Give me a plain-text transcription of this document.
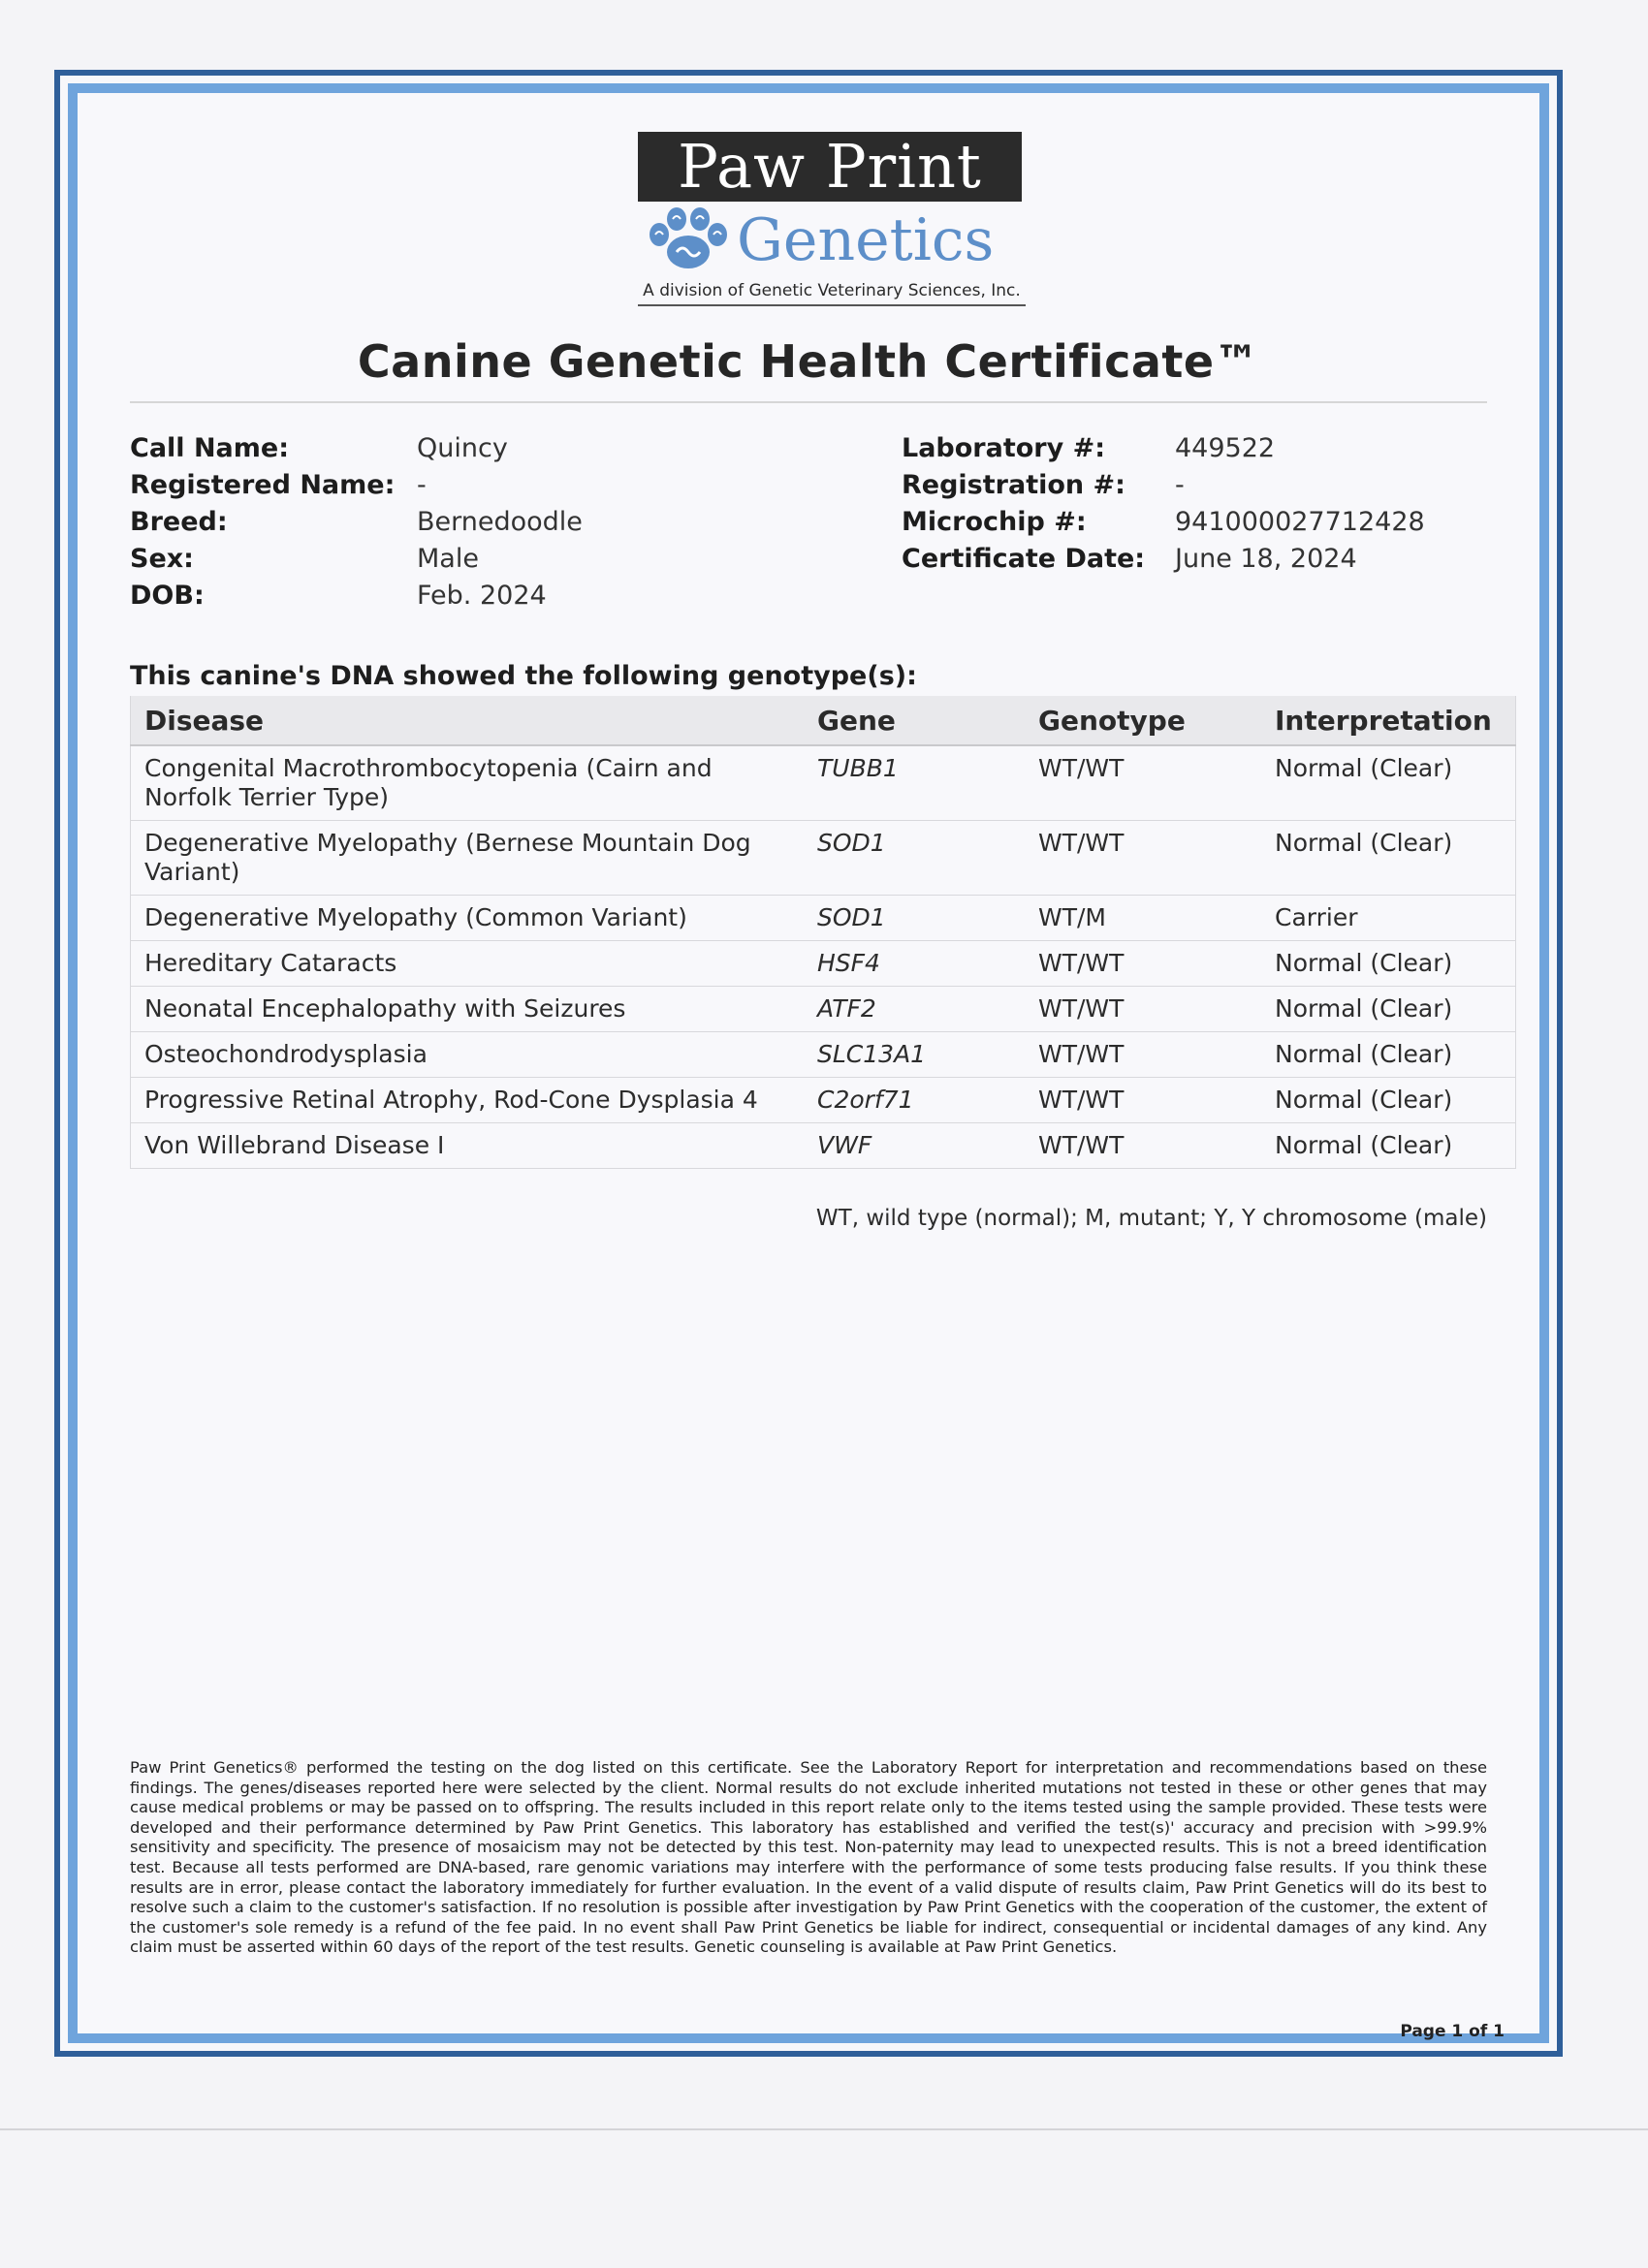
Paw Print
Genetics
A division of Genetic Veterinary Sciences, Inc.
Canine Genetic Health Certificate™
Call Name:	Quincy
Registered Name: -
Breed:	Bernedoodle
Sex:	Male
DOB:	Feb. 2024
Laboratory #:	449522
Registration #: -
Microchip #:	941000027712428
Certificate Date: June 18, 2024
This canine's DNA showed the following genotype(s):
Disease	Gene	Genotype	Interpretation
Congenital Macrothrombocytopenia (Cairn and Norfolk Terrier Type)	TUBB1	WT/WT	Normal (Clear)
Degenerative Myelopathy (Bernese Mountain Dog Variant)	SOD1	WT/WT	Normal (Clear)
Degenerative Myelopathy (Common Variant)	SOD1	WT/M	Carrier
Hereditary Cataracts	HSF4	WT/WT	Normal (Clear)
Neonatal Encephalopathy with Seizures	ATF2	WT/WT	Normal (Clear)
Osteochondrodysplasia	SLC13A1	WT/WT	Normal (Clear)
Progressive Retinal Atrophy, Rod-Cone Dysplasia 4	C2orf71	WT/WT	Normal (Clear)
Von Willebrand Disease I	VWF	WT/WT	Normal (Clear)
WT, wild type (normal); M, mutant; Y, Y chromosome (male)
Paw Print Genetics® performed the testing on the dog listed on this certificate. See the Laboratory Report for interpretation and recommendations based on these findings. The genes/diseases reported here were selected by the client. Normal results do not exclude inherited mutations not tested in these or other genes that may cause medical problems or may be passed on to offspring. The results included in this report relate only to the items tested using the sample provided. These tests were developed and their performance determined by Paw Print Genetics. This laboratory has established and verified the test(s)' accuracy and precision with >99.9% sensitivity and specificity. The presence of mosaicism may not be detected by this test. Non-paternity may lead to unexpected results. This is not a breed identification test. Because all tests performed are DNA-based, rare genomic variations may interfere with the performance of some tests producing false results. If you think these results are in error, please contact the laboratory immediately for further evaluation. In the event of a valid dispute of results claim, Paw Print Genetics will do its best to resolve such a claim to the customer's satisfaction. If no resolution is possible after investigation by Paw Print Genetics with the cooperation of the customer, the extent of the customer's sole remedy is a refund of the fee paid. In no event shall Paw Print Genetics be liable for indirect, consequential or incidental damages of any kind. Any claim must be asserted within 60 days of the report of the test results. Genetic counseling is available at Paw Print Genetics.
Page 1 of 1
